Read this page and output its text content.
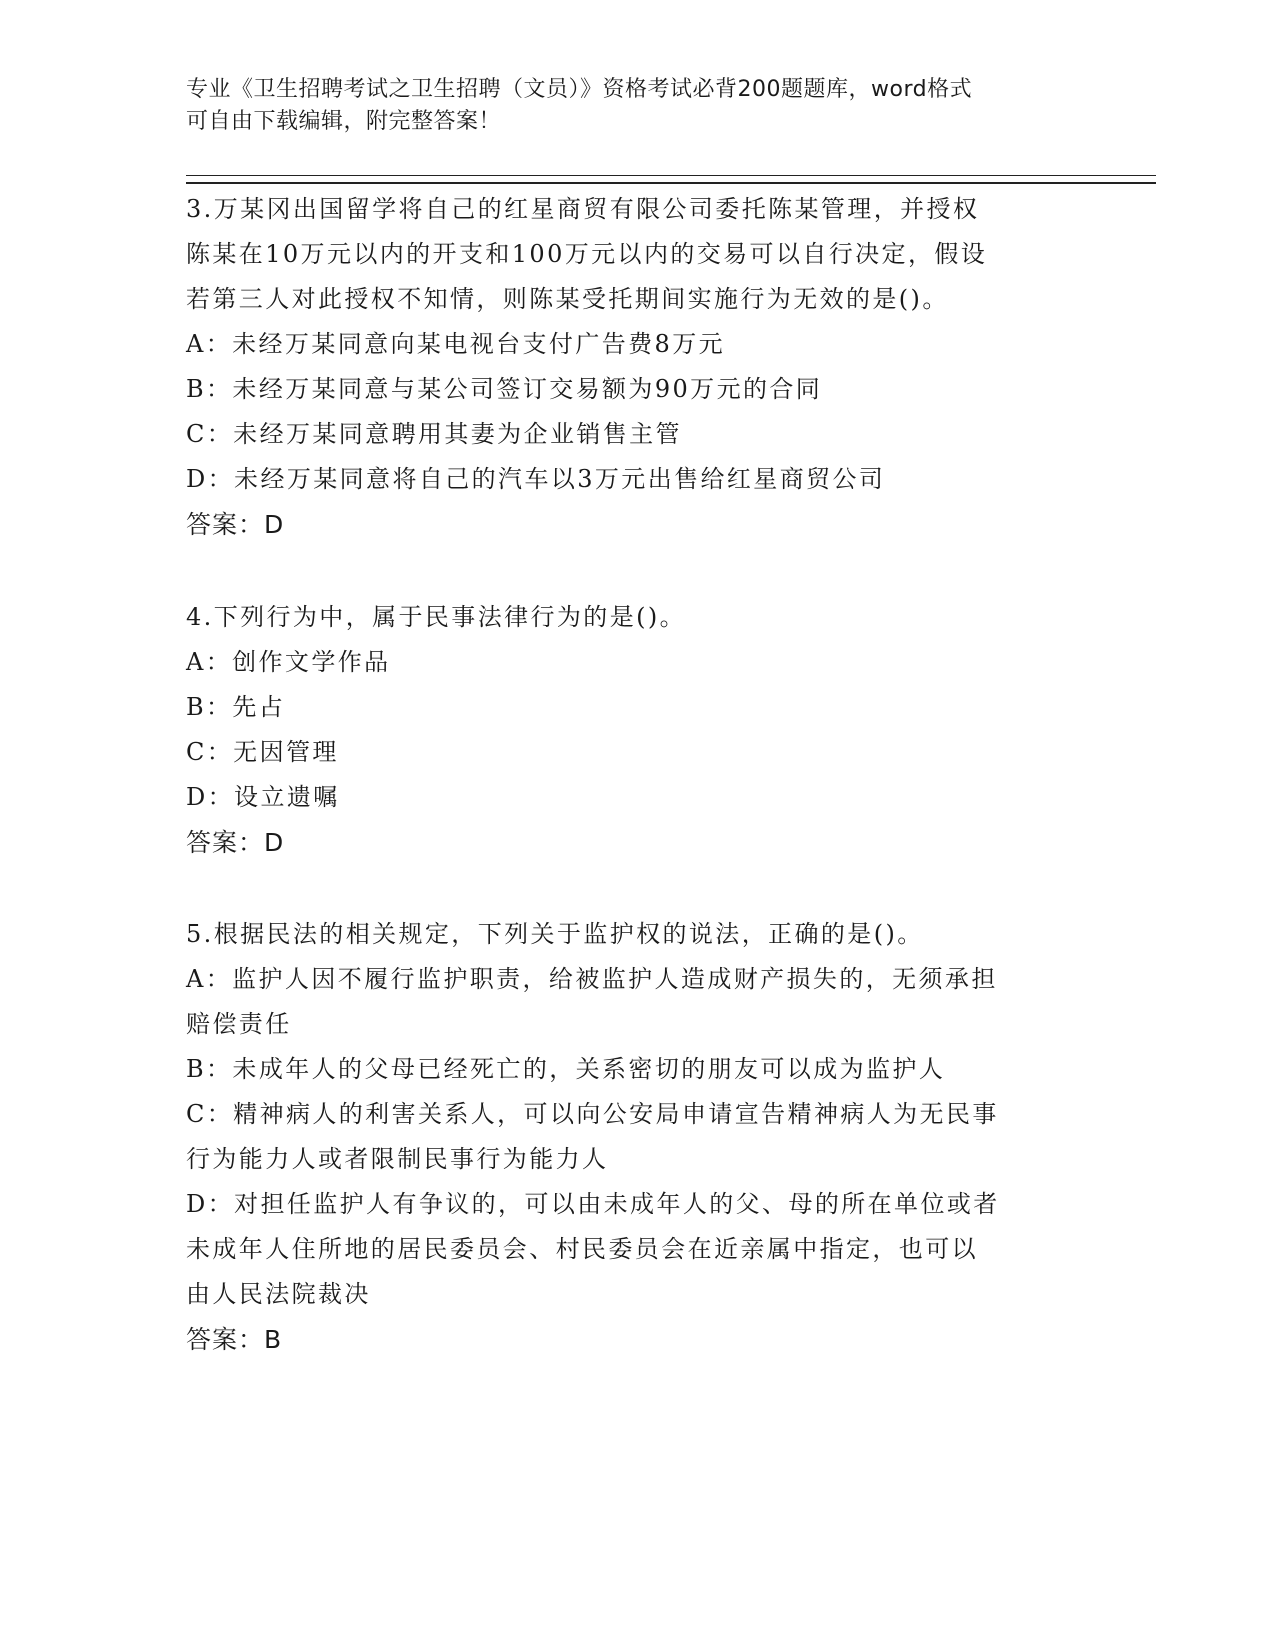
专业《卫生招聘考试之卫生招聘（文员）》资格考试必背200题题库，word格式
可自由下载编辑，附完整答案！
3.万某冈出国留学将自己的红星商贸有限公司委托陈某管理，并授权
陈某在10万元以内的开支和100万元以内的交易可以自行决定，假设
若第三人对此授权不知情，则陈某受托期间实施行为无效的是()。
A：未经万某同意向某电视台支付广告费8万元
B：未经万某同意与某公司签订交易额为90万元的合同
C：未经万某同意聘用其妻为企业销售主管
D：未经万某同意将自己的汽车以3万元出售给红星商贸公司
答案：D
4.下列行为中，属于民事法律行为的是()。
A：创作文学作品
B：先占
C：无因管理
D：设立遗嘱
答案：D
5.根据民法的相关规定，下列关于监护权的说法，正确的是()。
A：监护人因不履行监护职责，给被监护人造成财产损失的，无须承担
赔偿责任
B：未成年人的父母已经死亡的，关系密切的朋友可以成为监护人
C：精神病人的利害关系人，可以向公安局申请宣告精神病人为无民事
行为能力人或者限制民事行为能力人
D：对担任监护人有争议的，可以由未成年人的父、母的所在单位或者
未成年人住所地的居民委员会、村民委员会在近亲属中指定，也可以
由人民法院裁决
答案：B
